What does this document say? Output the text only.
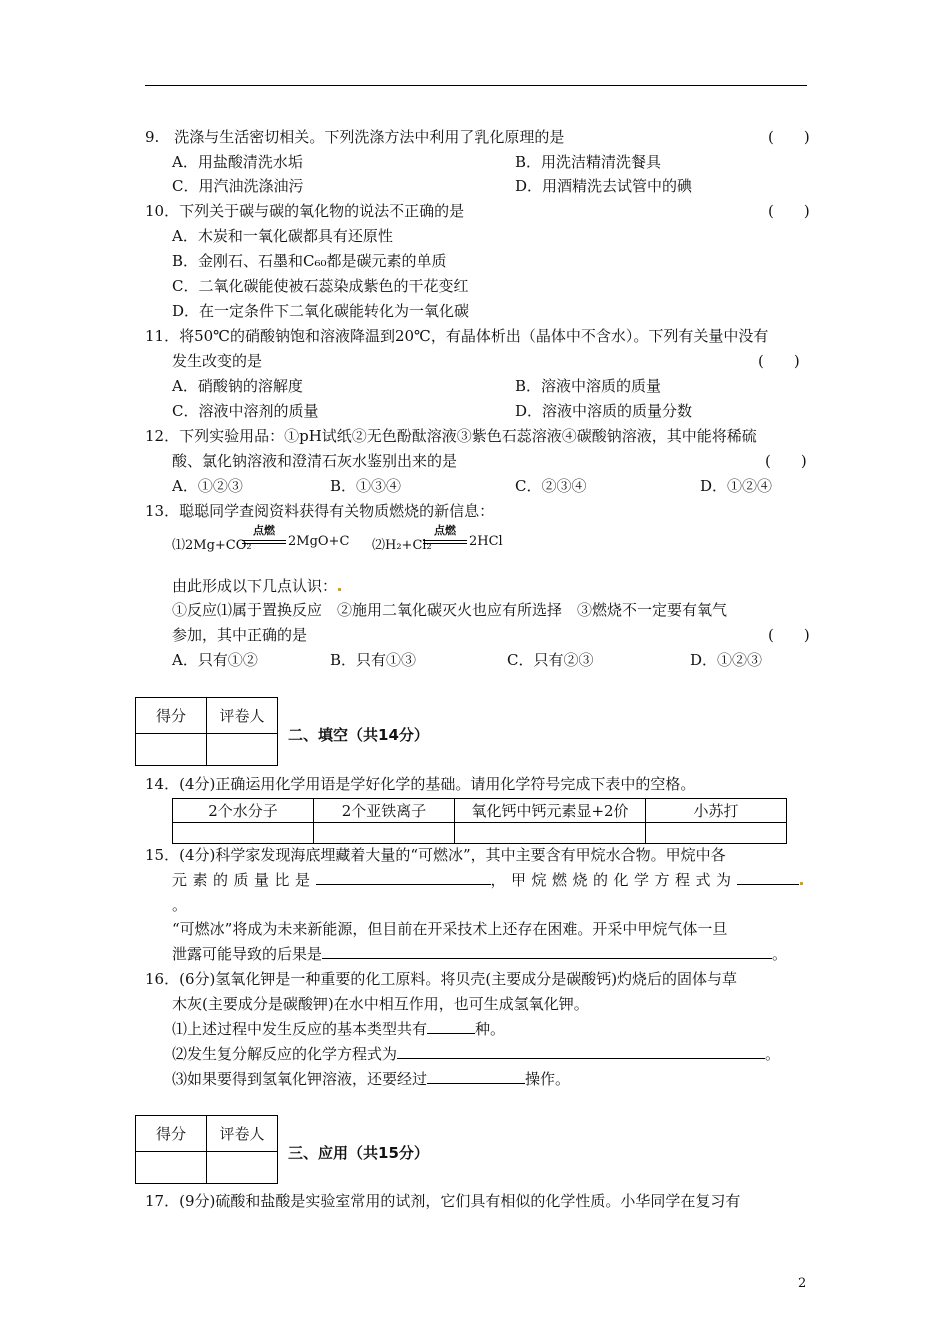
9.　洗涤与生活密切相关。下列洗涤方法中利用了乳化原理的是	(　　)
A．用盐酸清洗水垢	B．用洗洁精清洗餐具
C．用汽油洗涤油污	D．用酒精洗去试管中的碘
10．下列关于碳与碳的氧化物的说法不正确的是	(　　)
A．木炭和一氧化碳都具有还原性
B．金刚石、石墨和C₆₀都是碳元素的单质
C．二氧化碳能使被石蕊染成紫色的干花变红
D．在一定条件下二氧化碳能转化为一氧化碳
11．将50℃的硝酸钠饱和溶液降温到20℃，有晶体析出（晶体中不含水）。下列有关量中没有
发生改变的是	(　　)
A．硝酸钠的溶解度	B．溶液中溶质的质量
C．溶液中溶剂的质量	D．溶液中溶质的质量分数
12．下列实验用品：①pH试纸②无色酚酞溶液③紫色石蕊溶液④碳酸钠溶液，其中能将稀硫
酸、氯化钠溶液和澄清石灰水鉴别出来的是	(　　)
A．①②③	B．①③④	C．②③④	D．①②④
13．聪聪同学查阅资料获得有关物质燃烧的新信息：
⑴2Mg+CO₂
点燃
2MgO+C ⑵H₂+Cl₂
点燃
2HCl
由此形成以下几点认识：
①反应⑴属于置换反应　②施用二氧化碳灭火也应有所选择　③燃烧不一定要有氧气
参加，其中正确的是	(　　)
A．只有①②	B．只有①③	C．只有②③	D．①②③
得分	评卷人

二、填空（共14分）
14．(4分)正确运用化学用语是学好化学的基础。请用化学符号完成下表中的空格。
2个水分子	2个亚铁离子	氧化钙中钙元素显+2价	小苏打

15．(4分)科学家发现海底埋藏着大量的“可燃冰”，其中主要含有甲烷水合物。甲烷中各
元素的质量比是	，甲烷燃烧的化学方程式为
。
“可燃冰”将成为未来新能源，但目前在开采技术上还存在困难。开采中甲烷气体一旦
泄露可能导致的后果是	。
16．(6分)氢氧化钾是一种重要的化工原料。将贝壳(主要成分是碳酸钙)灼烧后的固体与草
木灰(主要成分是碳酸钾)在水中相互作用，也可生成氢氧化钾。
⑴上述过程中发生反应的基本类型共有	种。
⑵发生复分解反应的化学方程式为	。
⑶如果要得到氢氧化钾溶液，还要经过	操作。
得分	评卷人

三、应用（共15分）
17．(9分)硫酸和盐酸是实验室常用的试剂，它们具有相似的化学性质。小华同学在复习有
2
